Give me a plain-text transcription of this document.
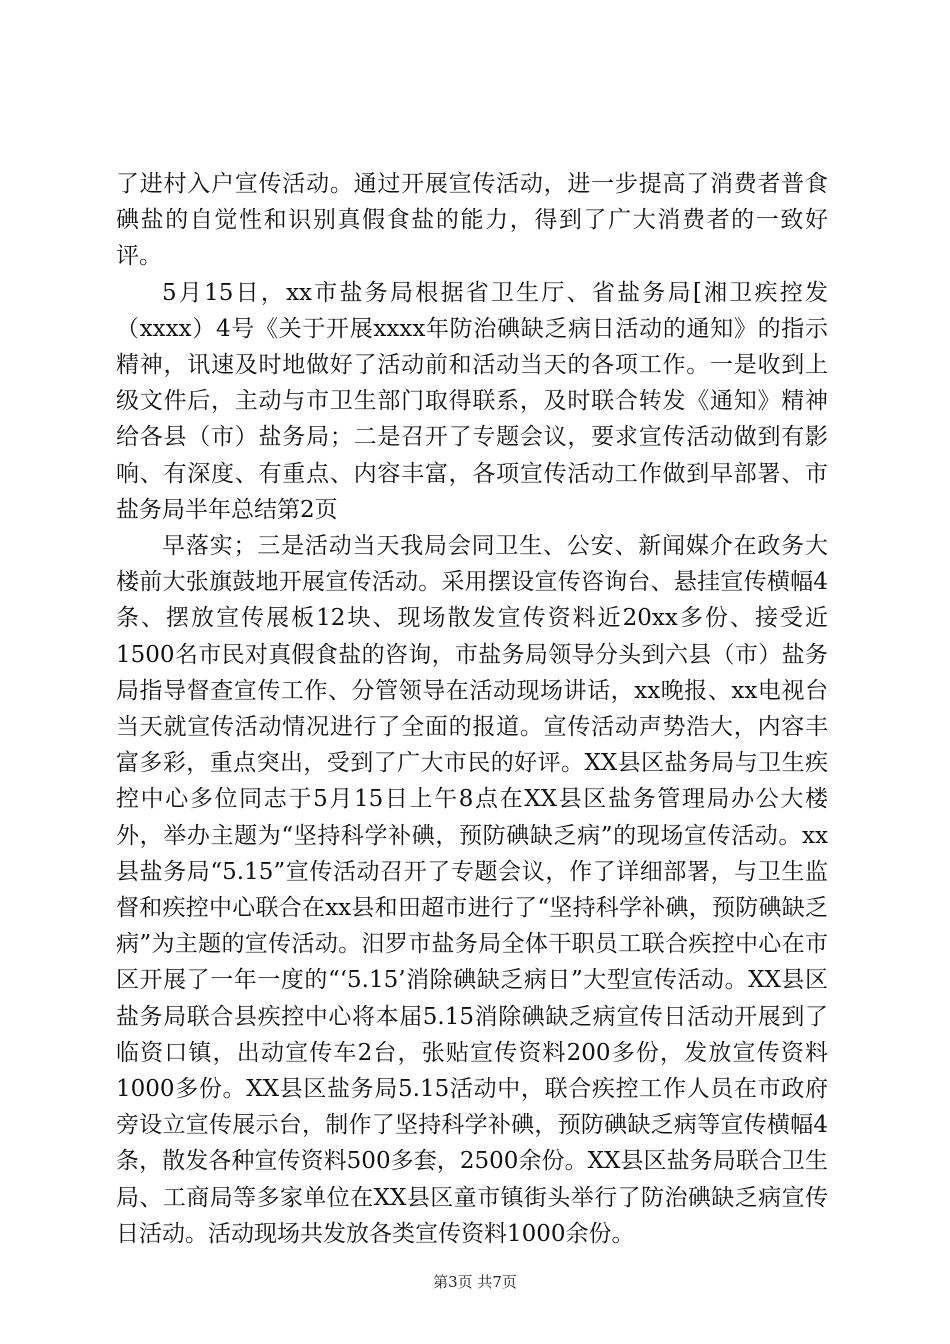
了进村入户宣传活动。通过开展宣传活动，进一步提高了消费者普食碘盐的自觉性和识别真假食盐的能力，得到了广大消费者的一致好评。

5月15日，xx市盐务局根据省卫生厅、省盐务局[湘卫疾控发（xxxx）4号《关于开展xxxx年防治碘缺乏病日活动的通知》的指示精神，讯速及时地做好了活动前和活动当天的各项工作。一是收到上级文件后，主动与市卫生部门取得联系，及时联合转发《通知》精神给各县（市）盐务局；二是召开了专题会议，要求宣传活动做到有影响、有深度、有重点、内容丰富，各项宣传活动工作做到早部署、市盐务局半年总结第2页

早落实；三是活动当天我局会同卫生、公安、新闻媒介在政务大楼前大张旗鼓地开展宣传活动。采用摆设宣传咨询台、悬挂宣传横幅4条、摆放宣传展板12块、现场散发宣传资料近20xx多份、接受近1500名市民对真假食盐的咨询，市盐务局领导分头到六县（市）盐务局指导督查宣传工作、分管领导在活动现场讲话，xx晚报、xx电视台当天就宣传活动情况进行了全面的报道。宣传活动声势浩大，内容丰富多彩，重点突出，受到了广大市民的好评。XX县区盐务局与卫生疾控中心多位同志于5月15日上午8点在XX县区盐务管理局办公大楼外，举办主题为“坚持科学补碘，预防碘缺乏病”的现场宣传活动。xx县盐务局“5.15”宣传活动召开了专题会议，作了详细部署，与卫生监督和疾控中心联合在xx县和田超市进行了“坚持科学补碘，预防碘缺乏病”为主题的宣传活动。汨罗市盐务局全体干职员工联合疾控中心在市区开展了一年一度的“‘5.15’消除碘缺乏病日”大型宣传活动。XX县区盐务局联合县疾控中心将本届5.15消除碘缺乏病宣传日活动开展到了临资口镇，出动宣传车2台，张贴宣传资料200多份，发放宣传资料1000多份。XX县区盐务局5.15活动中，联合疾控工作人员在市政府旁设立宣传展示台，制作了坚持科学补碘，预防碘缺乏病等宣传横幅4条，散发各种宣传资料500多套，2500余份。XX县区盐务局联合卫生局、工商局等多家单位在XX县区童市镇街头举行了防治碘缺乏病宣传日活动。活动现场共发放各类宣传资料1000余份。

第3页 共7页
